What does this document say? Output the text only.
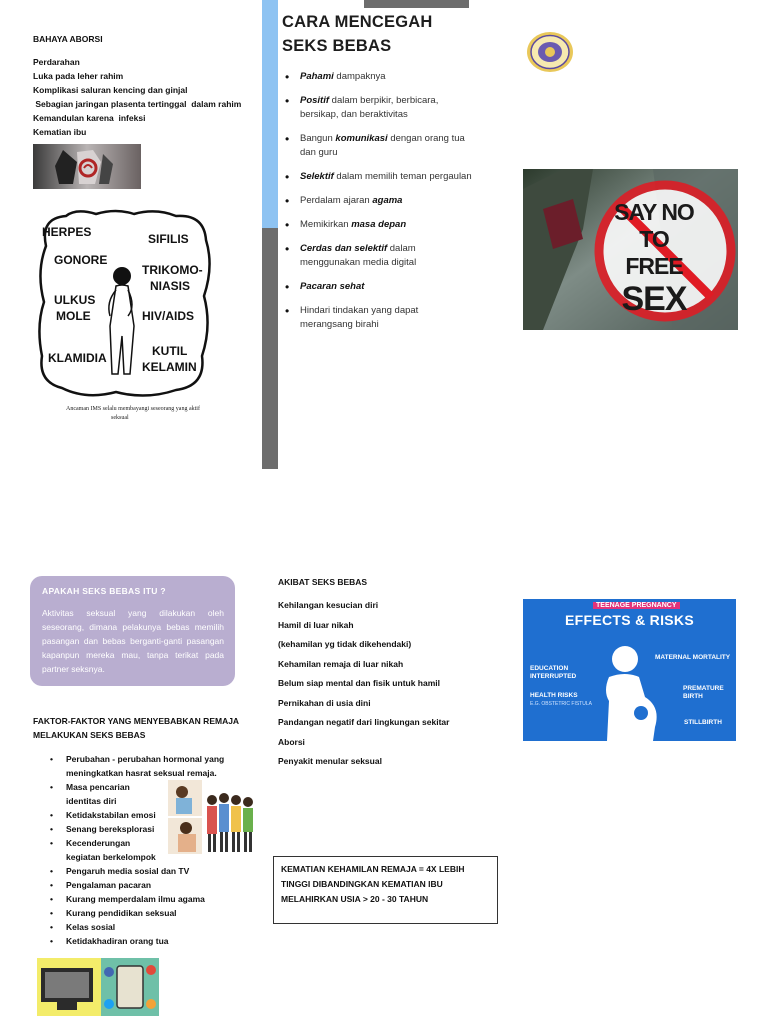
BAHAYA ABORSI
Perdarahan
Luka pada leher rahim
Komplikasi saluran kencing dan ginjal
Sebagian jaringan plasenta tertinggal  dalam rahim
Kemandulan karena  infeksi
Kematian ibu
HERPES	SIFILIS
GONORE
TRIKOMO-
NIASIS
ULKUS
MOLE	HIV/AIDS
KLAMIDIA	KUTIL
KELAMIN
Ancaman IMS selalu membayangi seseorang yang aktif
seksual
CARA MENCEGAH
SEKS BEBAS
• Pahami dampaknya
• Positif dalam berpikir, berbicara, bersikap, dan beraktivitas
• Bangun komunikasi dengan orang tua dan guru
• Selektif dalam memilih teman pergaulan
• Perdalam ajaran agama
• Memikirkan masa depan
• Cerdas dan selektif dalam menggunakan media digital
• Pacaran sehat
• Hindari tindakan yang dapat merangsang birahi
SAY NO
TO FREE
SEX
APAKAH SEKS BEBAS ITU ?
Aktivitas seksual yang dilakukan oleh seseorang, dimana pelakunya bebas memilih pasangan dan bebas berganti-ganti pasangan kapanpun mereka mau, tanpa terikat pada partner seksnya.
FAKTOR-FAKTOR YANG MENYEBABKAN REMAJA
MELAKUKAN SEKS BEBAS
• Perubahan - perubahan hormonal yang meningkatkan hasrat seksual remaja.
• Masa pencarian identitas diri
• Ketidakstabilan emosi
• Senang bereksplorasi
• Kecenderungan kegiatan berkelompok
• Pengaruh media sosial dan TV
• Pengalaman pacaran
• Kurang memperdalam ilmu agama
• Kurang pendidikan seksual
• Kelas sosial
• Ketidakhadiran orang tua
AKIBAT SEKS BEBAS
Kehilangan kesucian diri
Hamil di luar nikah
(kehamilan yg tidak dikehendaki)
Kehamilan remaja di luar nikah
Belum siap mental dan fisik untuk hamil
Pernikahan di usia dini
Pandangan negatif dari lingkungan sekitar
Aborsi
Penyakit menular seksual
KEMATIAN KEHAMILAN REMAJA = 4X LEBIH TINGGI DIBANDINGKAN KEMATIAN IBU MELAHIRKAN USIA > 20 - 30 TAHUN
TEENAGE PREGNANCY
EFFECTS & RISKS
EDUCATION
INTERRUPTED
HEALTH RISKS
E.G. OBSTETRIC FISTULA
MATERNAL MORTALITY
PREMATURE
BIRTH
STILLBIRTH
